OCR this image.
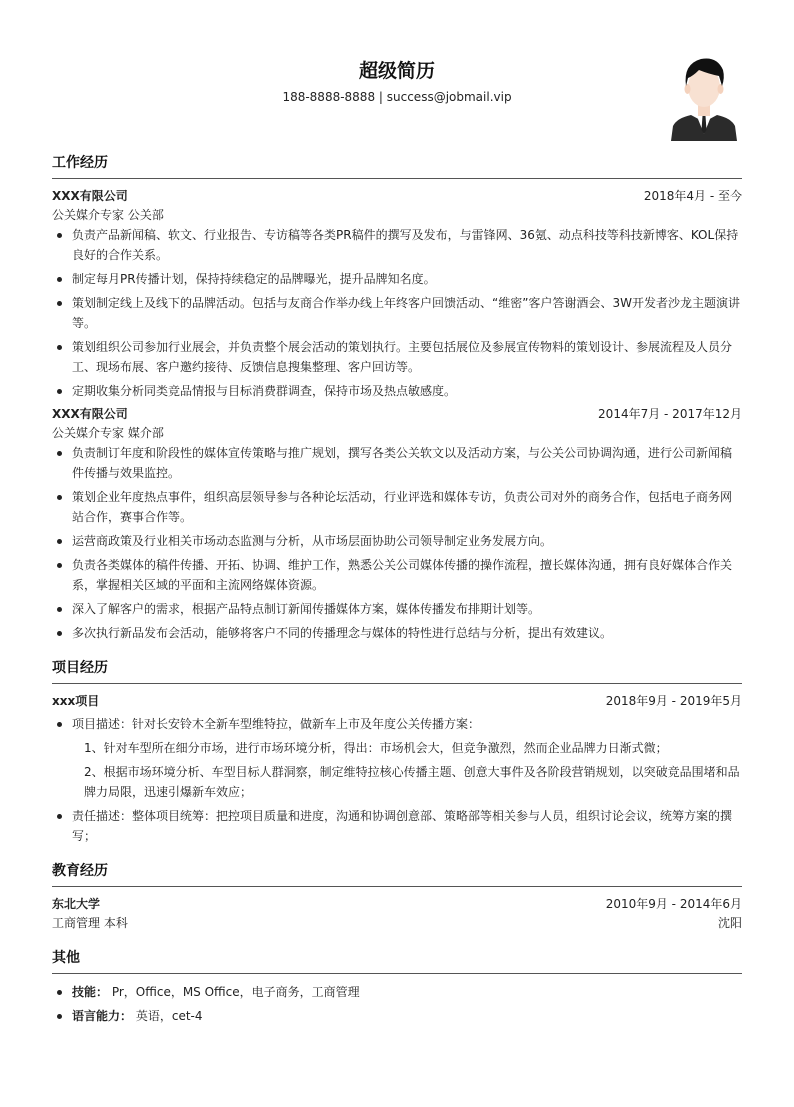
超级简历
188-8888-8888 | success@jobmail.vip
工作经历
XXX有限公司	2018年4月 - 至今
公关媒介专家 公关部
负责产品新闻稿、软文、行业报告、专访稿等各类PR稿件的撰写及发布，与雷锋网、36氪、动点科技等科技新博客、KOL保持良好的合作关系。
制定每月PR传播计划，保持持续稳定的品牌曝光，提升品牌知名度。
策划制定线上及线下的品牌活动。包括与友商合作举办线上年终客户回馈活动、“维密”客户答谢酒会、3W开发者沙龙主题演讲等。
策划组织公司参加行业展会，并负责整个展会活动的策划执行。主要包括展位及参展宣传物料的策划设计、参展流程及人员分工、现场布展、客户邀约接待、反馈信息搜集整理、客户回访等。
定期收集分析同类竞品情报与目标消费群调查，保持市场及热点敏感度。
XXX有限公司	2014年7月 - 2017年12月
公关媒介专家 媒介部
负责制订年度和阶段性的媒体宣传策略与推广规划，撰写各类公关软文以及活动方案，与公关公司协调沟通，进行公司新闻稿件传播与效果监控。
策划企业年度热点事件，组织高层领导参与各种论坛活动，行业评选和媒体专访，负责公司对外的商务合作，包括电子商务网站合作，赛事合作等。
运营商政策及行业相关市场动态监测与分析，从市场层面协助公司领导制定业务发展方向。
负责各类媒体的稿件传播、开拓、协调、维护工作，熟悉公关公司媒体传播的操作流程，擅长媒体沟通，拥有良好媒体合作关系，掌握相关区域的平面和主流网络媒体资源。
深入了解客户的需求，根据产品特点制订新闻传播媒体方案，媒体传播发布排期计划等。
多次执行新品发布会活动，能够将客户不同的传播理念与媒体的特性进行总结与分析，提出有效建议。
项目经历
xxx项目	2018年9月 - 2019年5月
项目描述：针对长安铃木全新车型维特拉，做新车上市及年度公关传播方案：
1、针对车型所在细分市场，进行市场环境分析，得出：市场机会大，但竞争激烈，然而企业品牌力日渐式微；
2、根据市场环境分析、车型目标人群洞察，制定维特拉核心传播主题、创意大事件及各阶段营销规划，以突破竞品围堵和品牌力局限，迅速引爆新车效应；
责任描述：整体项目统筹：把控项目质量和进度，沟通和协调创意部、策略部等相关参与人员，组织讨论会议，统筹方案的撰写；
教育经历
东北大学	2010年9月 - 2014年6月
工商管理 本科	沈阳
其他
技能： Pr，Office，MS Office，电子商务，工商管理
语言能力： 英语，cet-4
